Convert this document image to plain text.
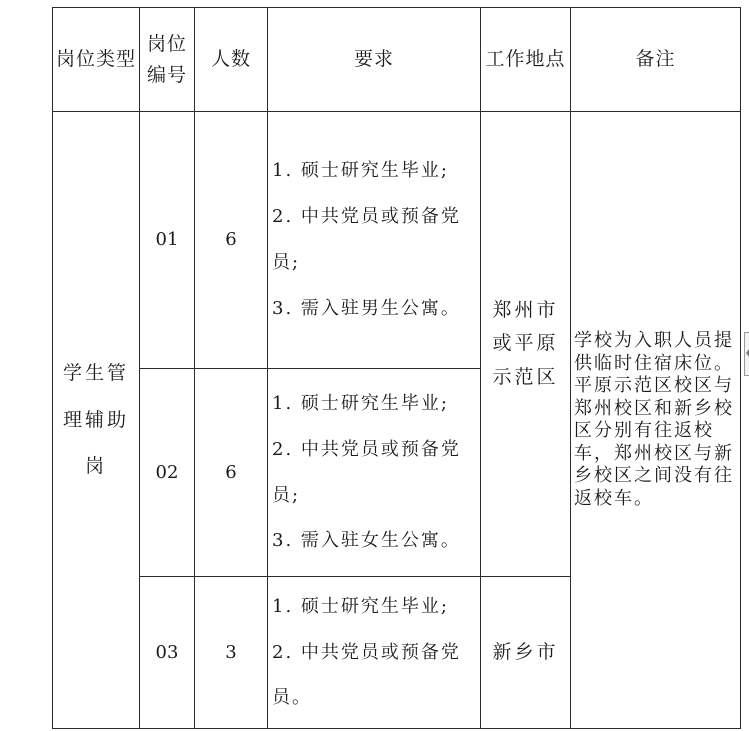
岗位类型	岗位编号	人数	要求	工作地点	备注
学生管理辅助岗	01	6	1. 硕士研究生毕业;
2. 中共党员或预备党员;
3. 需入驻男生公寓。	郑州市或平原示范区	学校为入职人员提供临时住宿床位。
平原示范区校区与郑州校区和新乡校区分别有往返校车，郑州校区与新乡校区之间没有往返校车。

	02	6	1. 硕士研究生毕业;
2. 中共党员或预备党员;
3. 需入驻女生公寓。		

	03	3	1. 硕士研究生毕业;
2. 中共党员或预备党员。	新乡市	
